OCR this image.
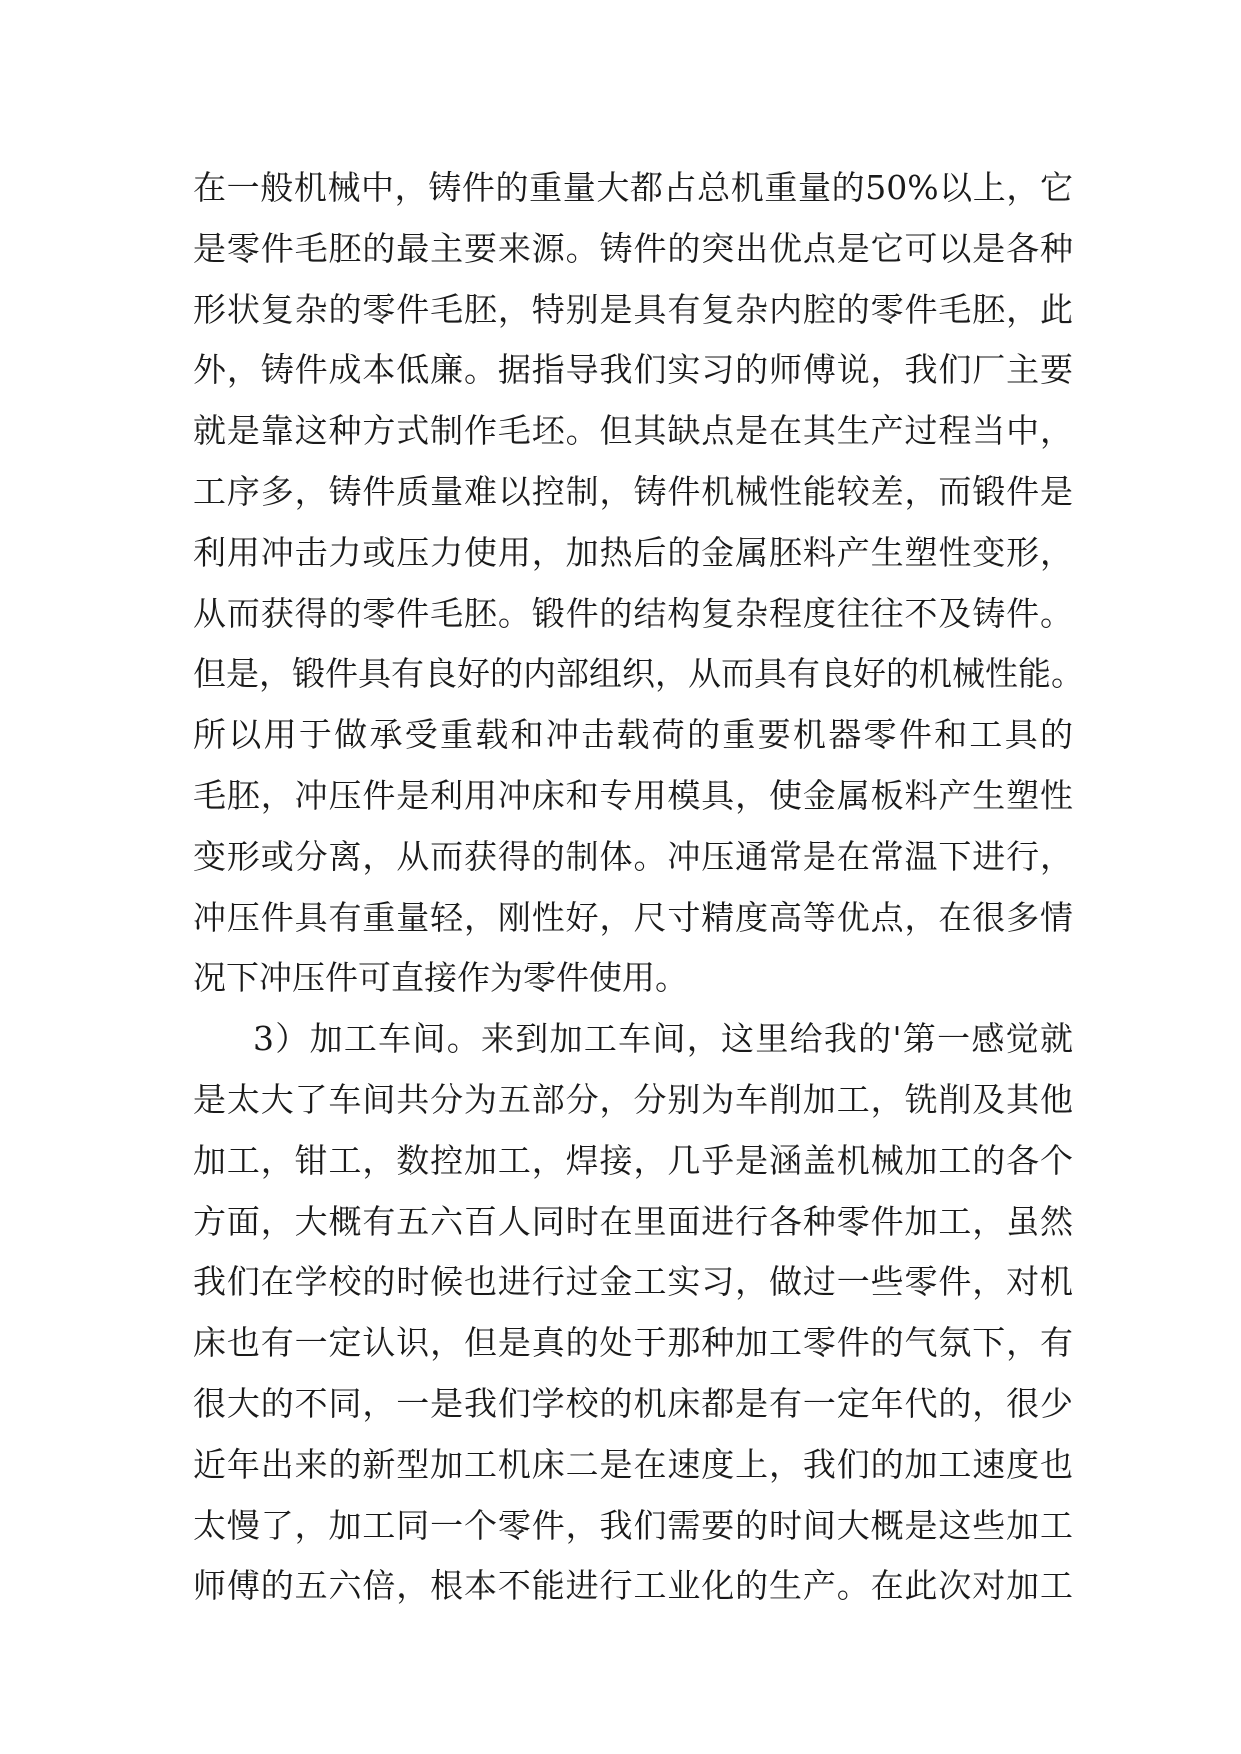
在一般机械中，铸件的重量大都占总机重量的50%以上，它
是零件毛胚的最主要来源。铸件的突出优点是它可以是各种
形状复杂的零件毛胚，特别是具有复杂内腔的零件毛胚，此
外，铸件成本低廉。据指导我们实习的师傅说，我们厂主要
就是靠这种方式制作毛坯。但其缺点是在其生产过程当中，
工序多，铸件质量难以控制，铸件机械性能较差，而锻件是
利用冲击力或压力使用，加热后的金属胚料产生塑性变形，
从而获得的零件毛胚。锻件的结构复杂程度往往不及铸件。
但是，锻件具有良好的内部组织，从而具有良好的机械性能。
所以用于做承受重载和冲击载荷的重要机器零件和工具的
毛胚，冲压件是利用冲床和专用模具，使金属板料产生塑性
变形或分离，从而获得的制体。冲压通常是在常温下进行，
冲压件具有重量轻，刚性好，尺寸精度高等优点，在很多情
况下冲压件可直接作为零件使用。
3）加工车间。来到加工车间，这里给我的'第一感觉就
是太大了车间共分为五部分，分别为车削加工，铣削及其他
加工，钳工，数控加工，焊接，几乎是涵盖机械加工的各个
方面，大概有五六百人同时在里面进行各种零件加工，虽然
我们在学校的时候也进行过金工实习，做过一些零件，对机
床也有一定认识，但是真的处于那种加工零件的气氛下，有
很大的不同，一是我们学校的机床都是有一定年代的，很少
近年出来的新型加工机床二是在速度上，我们的加工速度也
太慢了，加工同一个零件，我们需要的时间大概是这些加工
师傅的五六倍，根本不能进行工业化的生产。在此次对加工
